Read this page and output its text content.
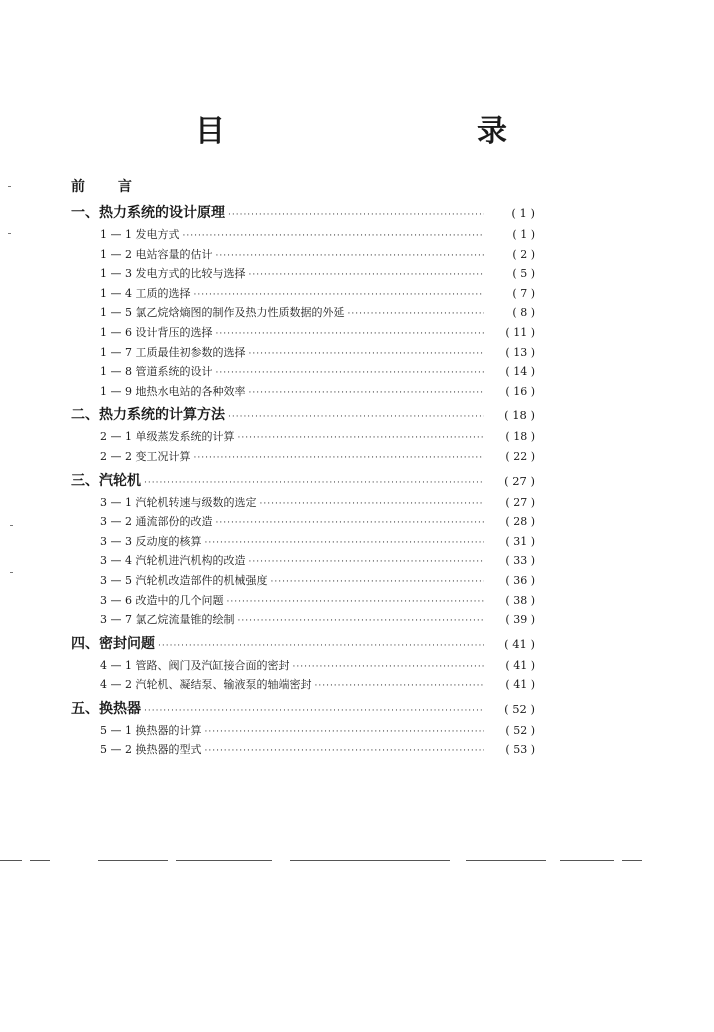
目　　录
前 言
一、热力系统的设计原理 ·····	( 1 )
1 — 1 发电方式 ·····	( 1 )
1 — 2 电站容量的估计 ·····	( 2 )
1 — 3 发电方式的比较与选择 ·····	( 5 )
1 — 4 工质的选择 ·····	( 7 )
1 — 5 氯乙烷焓熵图的制作及热力性质数据的外延 ·····	( 8 )
1 — 6 设计背压的选择 ·····	( 11 )
1 — 7 工质最佳初参数的选择 ·····	( 13 )
1 — 8 管道系统的设计 ·····	( 14 )
1 — 9 地热水电站的各种效率 ·····	( 16 )
二、热力系统的计算方法 ·····	( 18 )
2 — 1 单级蒸发系统的计算 ·····	( 18 )
2 — 2 变工况计算 ·····	( 22 )
三、汽轮机 ·····	( 27 )
3 — 1 汽轮机转速与级数的选定 ·····	( 27 )
3 — 2 通流部份的改造 ·····	( 28 )
3 — 3 反动度的核算 ·····	( 31 )
3 — 4 汽轮机进汽机构的改造 ·····	( 33 )
3 — 5 汽轮机改造部件的机械强度 ·····	( 36 )
3 — 6 改造中的几个问题 ·····	( 38 )
3 — 7 氯乙烷流量锥的绘制 ·····	( 39 )
四、密封问题 ·····	( 41 )
4 — 1 管路、阀门及汽缸接合面的密封 ·····	( 41 )
4 — 2 汽轮机、凝结泵、输液泵的轴端密封 ·····	( 41 )
五、换热器 ·····	( 52 )
5 — 1 换热器的计算 ·····	( 52 )
5 — 2 换热器的型式 ·····	( 53 )
